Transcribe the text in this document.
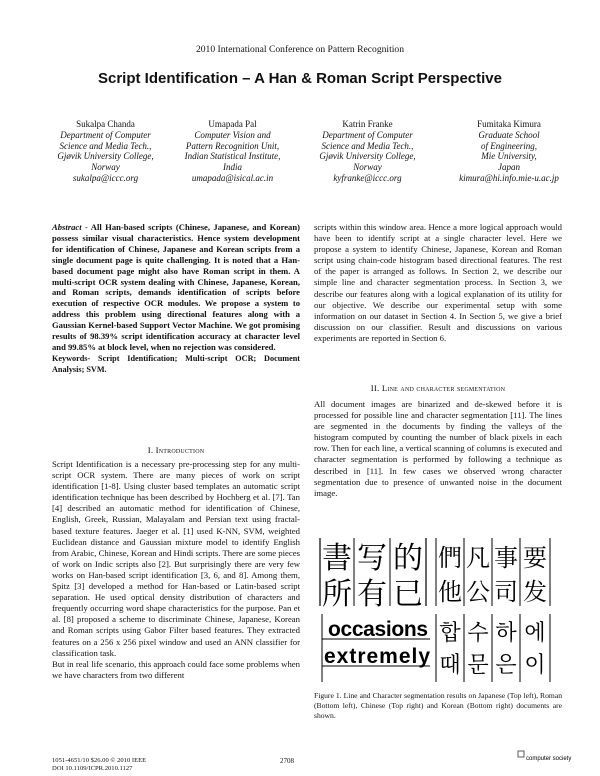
2010 International Conference on Pattern Recognition
Script Identification – A Han & Roman Script Perspective
Sukalpa Chanda
Department of Computer
Science and Media Tech.,
Gjøvik University College,
Norway
sukalpa@iccc.org
Umapada Pal
Computer Vision and
Pattern Recognition Unit,
Indian Statistical Institute,
India
umapada@isical.ac.in
Katrin Franke
Department of Computer
Science and Media Tech.,
Gjøvik University College,
Norway
kyfranke@iccc.org
Fumitaka Kimura
Graduate School
of Engineering,
Mie University,
Japan
kimura@hi.info.mie-u.ac.jp
Abstract - All Han-based scripts (Chinese, Japanese, and Korean) possess similar visual characteristics. Hence system development for identification of Chinese, Japanese and Korean scripts from a single document page is quite challenging. It is noted that a Han-based document page might also have Roman script in them. A multi-script OCR system dealing with Chinese, Japanese, Korean, and Roman scripts, demands identification of scripts before execution of respective OCR modules. We propose a system to address this problem using directional features along with a Gaussian Kernel-based Support Vector Machine. We got promising results of 98.39% script identification accuracy at character level and 99.85% at block level, when no rejection was considered.
Keywords- Script Identification; Multi-script OCR; Document Analysis; SVM.
I. Introduction

Script Identification is a necessary pre-processing step for any multi-script OCR system. There are many pieces of work on script identification [1-8]. Using cluster based templates an automatic script identification technique has been described by Hochberg et al. [7]. Tan [4] described an automatic method for identification of Chinese, English, Greek, Russian, Malayalam and Persian text using fractal-based texture features. Jaeger et al. [1] used K-NN, SVM, weighted Euclidean distance and Gaussian mixture model to identify English from Arabic, Chinese, Korean and Hindi scripts. There are some pieces of work on Indic scripts also [2]. But surprisingly there are very few works on Han-based script identification [3, 6, and 8]. Among them, Spitz [3] developed a method for Han-based or Latin-based script separation. He used optical density distribution of characters and frequently occurring word shape characteristics for the purpose. Pan et al. [8] proposed a scheme to discriminate Chinese, Japanese, Korean and Roman scripts using Gabor Filter based features. They extracted features on a 256 x 256 pixel window and used an ANN classifier for classification task.

But in real life scenario, this approach could face some problems when we have characters from two different

scripts within this window area. Hence a more logical approach would have been to identify script at a single character level. Here we propose a system to identify Chinese, Japanese, Korean and Roman script using chain-code histogram based directional features. The rest of the paper is arranged as follows. In Section 2, we describe our simple line and character segmentation process. In Section 3, we describe our features along with a logical explanation of its utility for our objective. We describe our experimental setup with some information on our dataset in Section 4. In Section 5, we give a brief discussion on our classifier. Result and discussions on various experiments are reported in Section 6.
II. Line and character segmentation
All document images are binarized and de-skewed before it is processed for possible line and character segmentation [11]. The lines are segmented in the documents by finding the valleys of the histogram computed by counting the number of black pixels in each row. Then for each line, a vertical scanning of columns is executed and character segmentation is performed by following a technique as described in [11]. In few cases we observed wrong character segmentation due to presence of unwanted noise in the document image.
書 写 的
所 有 已
們 凡 事 要
他 公 司 发
occasions
extremely
합 수 하 에
때 문 은 이
Figure 1. Line and Character segmentation results on Japanese (Top left), Roman (Bottom left), Chinese (Top right) and Korean (Bottom right) documents are shown.
1051-4651/10 $26.00 © 2010 IEEE
DOI 10.1109/ICPR.2010.1127
2708	computer society
